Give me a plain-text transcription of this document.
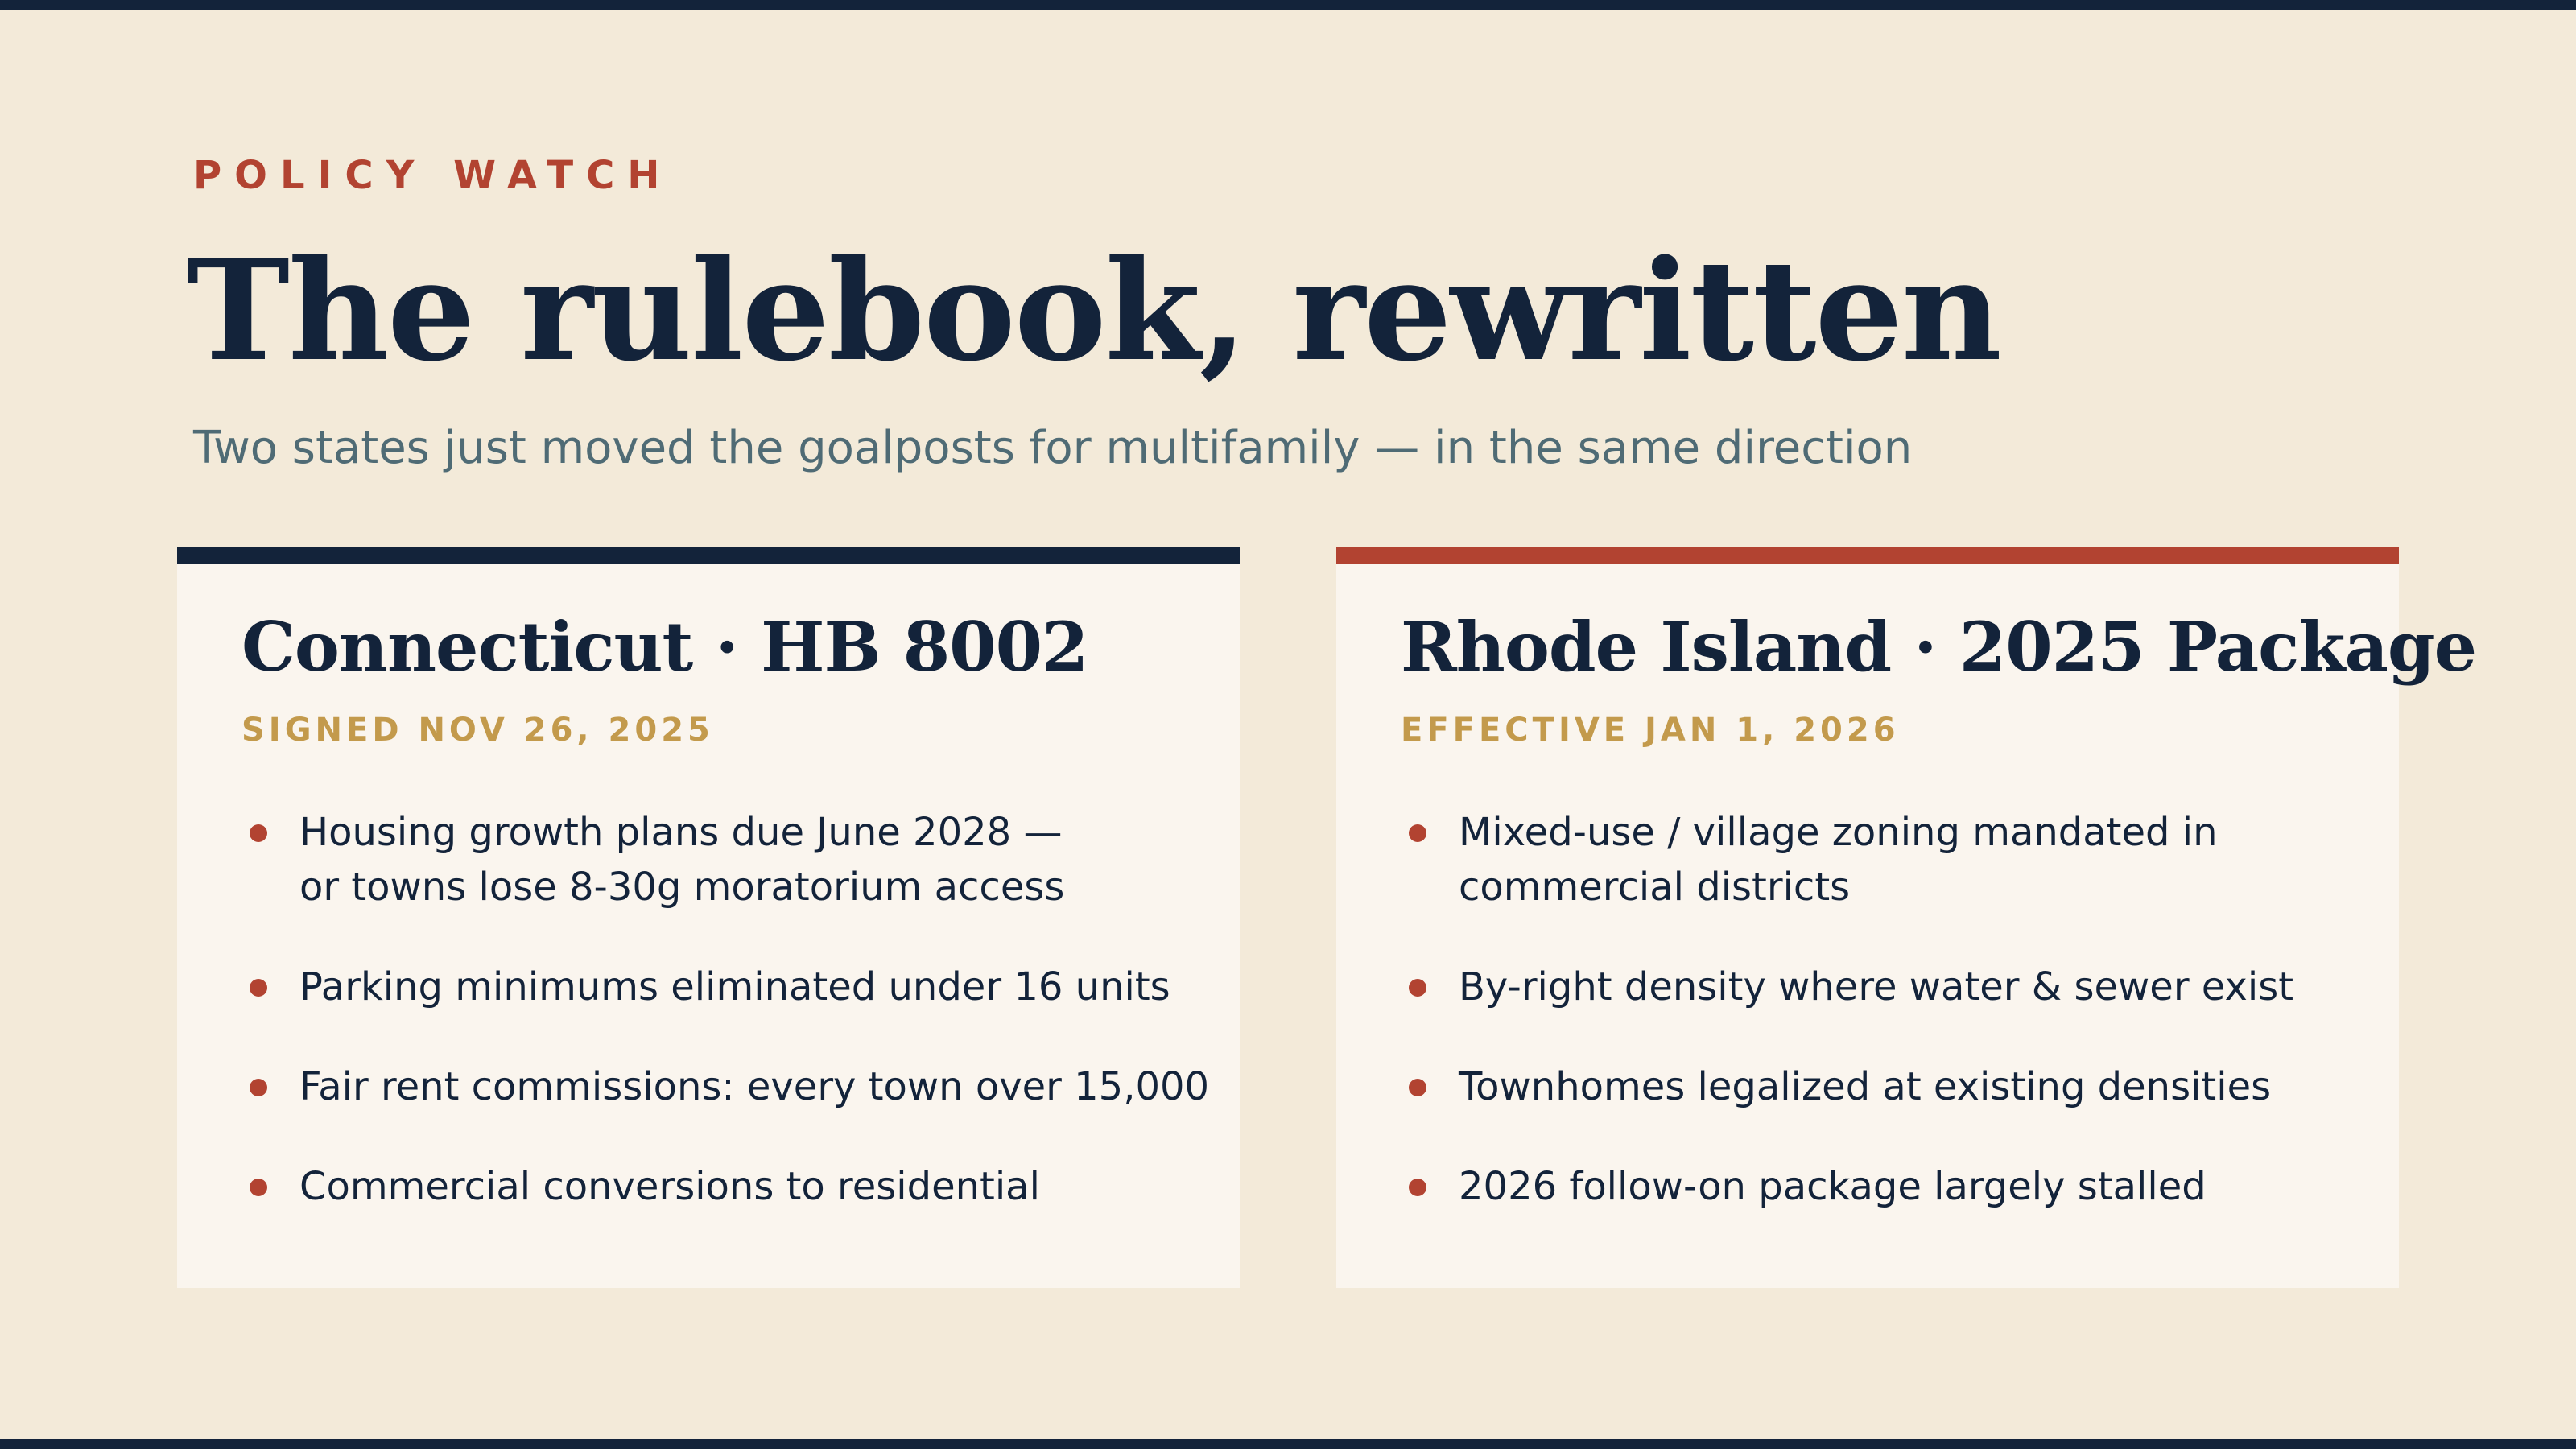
POLICY WATCH
The rulebook, rewritten
Two states just moved the goalposts for multifamily — in the same direction
Connecticut · HB 8002
SIGNED NOV 26, 2025
Housing growth plans due June 2028 —
or towns lose 8-30g moratorium access
Parking minimums eliminated under 16 units
Fair rent commissions: every town over 15,000
Commercial conversions to residential
Rhode Island · 2025 Package
EFFECTIVE JAN 1, 2026
Mixed-use / village zoning mandated in
commercial districts
By-right density where water & sewer exist
Townhomes legalized at existing densities
2026 follow-on package largely stalled
